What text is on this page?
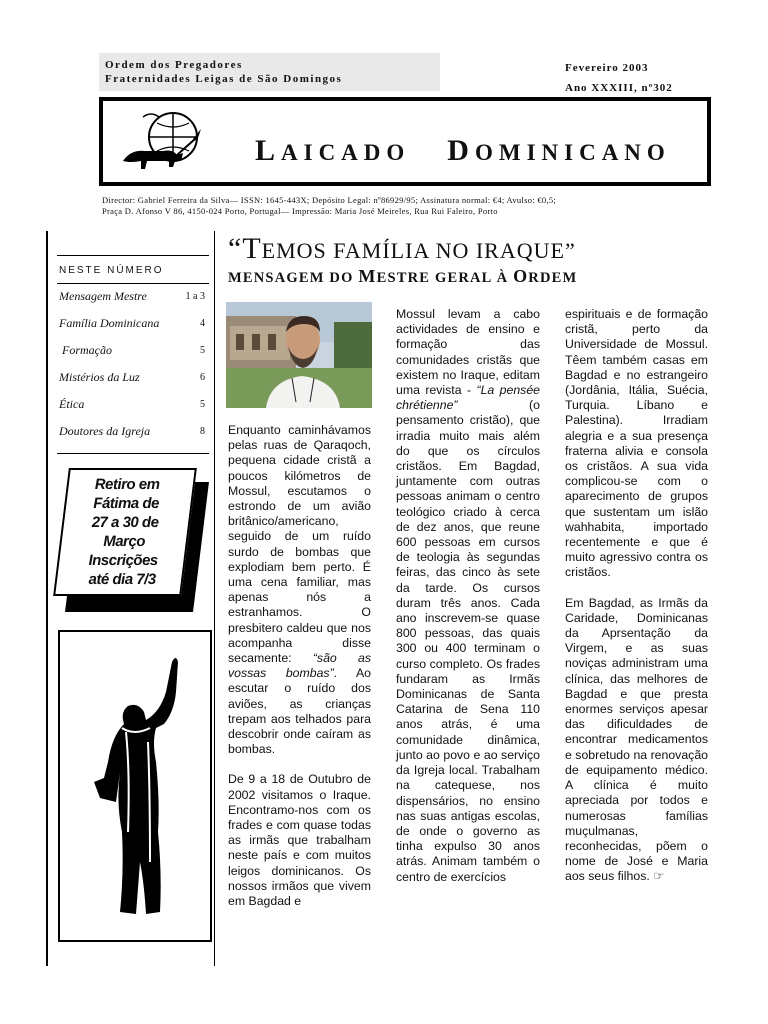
Ordem dos Pregadores
Fraternidades Leigas de São Domingos
Fevereiro 2003
Ano XXXIII, nº302
LAICADO DOMINICANO
Director: Gabriel Ferreira da Silva— ISSN: 1645-443X; Depósito Legal: nº86929/95; Assinatura normal: €4; Avulso: €0,5;
Praça D. Afonso V 86, 4150-024 Porto, Portugal— Impressão: Maria José Meireles, Rua Rui Faleiro, Porto
NESTE NÚMERO
Mensagem Mestre	1 a 3
Família Dominicana	4
Formação	5
Mistérios da Luz	6
Ética	5
Doutores da Igreja	8
Retiro em
Fátima de
27 a 30 de
Março
Inscrições
até dia 7/3
“TEMOS FAMÍLIA NO IRAQUE”
MENSAGEM DO MESTRE GERAL À ORDEM

Enquanto caminhávamos pelas ruas de Qaraqoch, pequena cidade cristã a poucos kilómetros de Mossul, escutamos o estrondo de um avião britânico/americano, seguido de um ruído surdo de bombas que explodiam bem perto. É uma cena familiar, mas apenas nós a estranhamos. O presbitero caldeu que nos acompanha disse secamente: “são as vossas bombas”. Ao escutar o ruído dos aviões, as crianças trepam aos telhados para descobrir onde caíram as bombas.

De 9 a 18 de Outubro de 2002 visitamos o Iraque. Encontramo-nos com os frades e com quase todas as irmãs que trabalham neste país e com muitos leigos dominicanos. Os nossos irmãos que vivem em Bagdad e

Mossul levam a cabo actividades de ensino e formação das comunidades cristãs que existem no Iraque, editam uma revista - “La pensée chrétienne” (o pensamento cristão), que irradia muito mais além do que os círculos cristãos. Em Bagdad, juntamente com outras pessoas animam o centro teológico criado à cerca de dez anos, que reune 600 pessoas em cursos de teologia às segundas feiras, das cinco às sete da tarde. Os cursos duram três anos. Cada ano inscrevem-se quase 800 pessoas, das quais 300 ou 400 terminam o curso completo. Os frades fundaram as Irmãs Dominicanas de Santa Catarina de Sena 110 anos atrás, é uma comunidade dinâmica, junto ao povo e ao serviço da Igreja local. Trabalham na catequese, nos dispensários, no ensino nas suas antigas escolas, de onde o governo as tinha expulso 30 anos atrás. Animam também o centro de exercícios

espirituais e de formação cristã, perto da Universidade de Mossul. Têem também casas em Bagdad e no estrangeiro (Jordânia, Itália, Suécia, Turquia. Líbano e Palestina). Irradiam alegria e a sua presença fraterna alivia e consola os cristãos. A sua vida complicou-se com o aparecimento de grupos que sustentam um islão wahhabita, importado recentemente e que é muito agressivo contra os cristãos.

Em Bagdad, as Irmãs da Caridade, Dominicanas da Aprsentação da Virgem, e as suas noviças administram uma clínica, das melhores de Bagdad e que presta enormes serviços apesar das dificuldades de encontrar medicamentos e sobretudo na renovação de equipamento médico. A clínica é muito apreciada por todos e numerosas famílias muçulmanas, reconhecidas, põem o nome de José e Maria aos seus filhos. ☞
